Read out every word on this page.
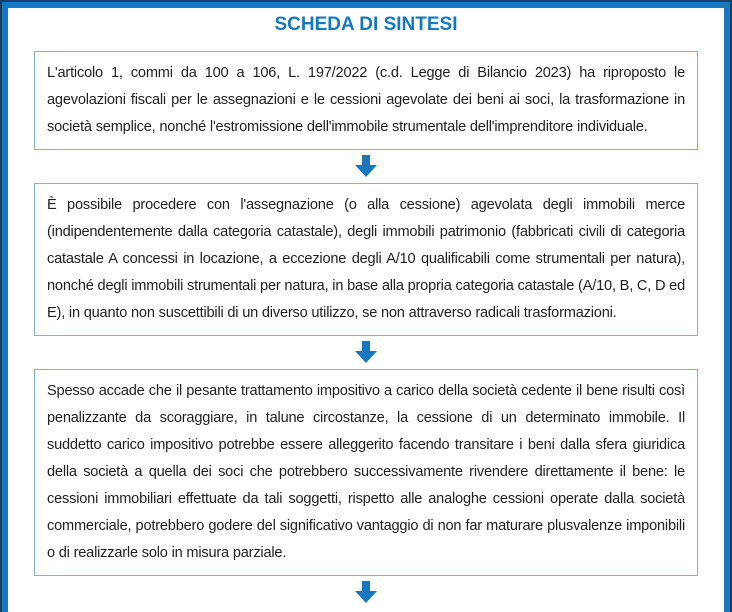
SCHEDA DI SINTESI
L'articolo 1, commi da 100 a 106, L. 197/2022 (c.d. Legge di Bilancio 2023) ha riproposto le agevolazioni fiscali per le assegnazioni e le cessioni agevolate dei beni ai soci, la trasformazione in società semplice, nonché l'estromissione dell'immobile strumentale dell'imprenditore individuale.
È possibile procedere con l'assegnazione (o alla cessione) agevolata degli immobili merce (indipendentemente dalla categoria catastale), degli immobili patrimonio (fabbricati civili di categoria catastale A concessi in locazione, a eccezione degli A/10 qualificabili come strumentali per natura), nonché degli immobili strumentali per natura, in base alla propria categoria catastale (A/10, B, C, D ed E), in quanto non suscettibili di un diverso utilizzo, se non attraverso radicali trasformazioni.
Spesso accade che il pesante trattamento impositivo a carico della società cedente il bene risulti così penalizzante da scoraggiare, in talune circostanze, la cessione di un determinato immobile. Il suddetto carico impositivo potrebbe essere alleggerito facendo transitare i beni dalla sfera giuridica della società a quella dei soci che potrebbero successivamente rivendere direttamente il bene: le cessioni immobiliari effettuate da tali soggetti, rispetto alle analoghe cessioni operate dalla società commerciale, potrebbero godere del significativo vantaggio di non far maturare plusvalenze imponibili o di realizzarle solo in misura parziale.
